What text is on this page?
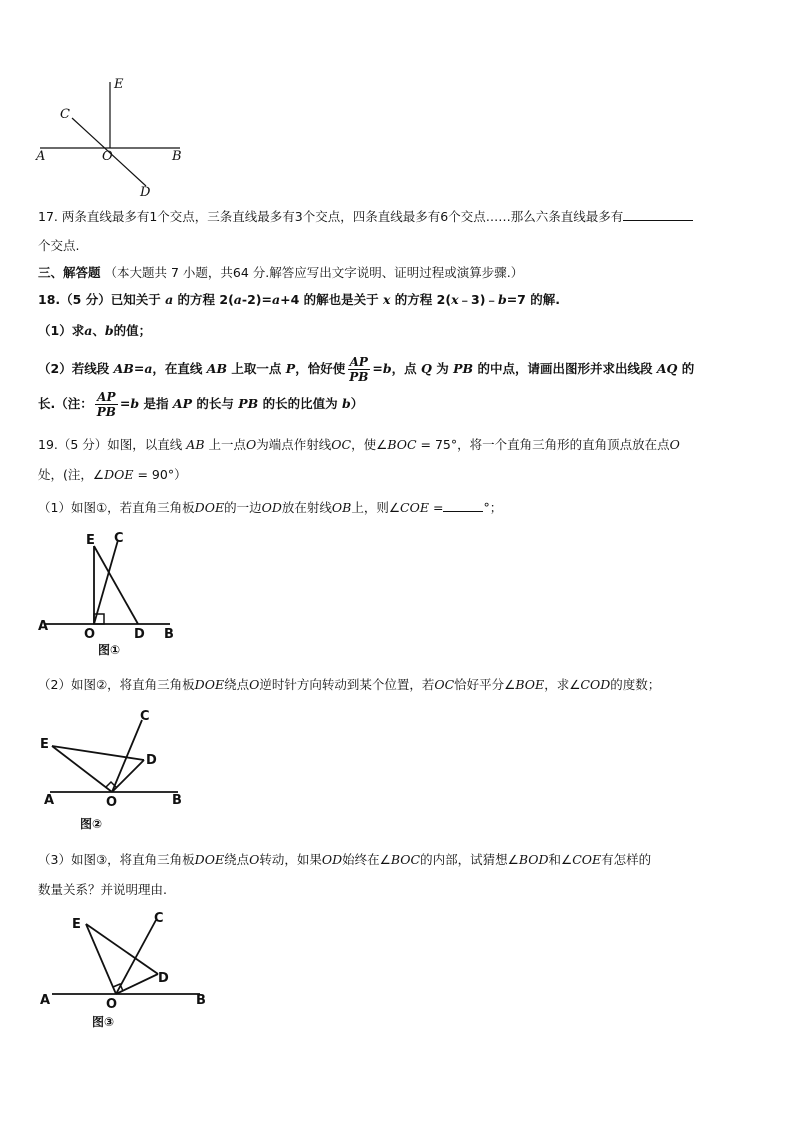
E
C
A	O	B
D
17. 两条直线最多有1个交点，三条直线最多有3个交点，四条直线最多有6个交点……那么六条直线最多有
个交点.
三、解答题 （本大题共 7 小题，共64 分.解答应写出文字说明、证明过程或演算步骤.）
18.（5 分）已知关于 a 的方程 2(a-2)=a+4 的解也是关于 x 的方程 2(x﹣3)﹣b=7 的解.
（1）求a、b的值；
（2）若线段 AB=a，在直线 AB 上取一点 P，恰好使 $\frac{AP}{PB} =b$，点 Q 为 PB 的中点，请画出图形并求出线段 AQ 的
长.（注： $\frac{AP}{PB} =b$ 是指 AP 的长与 PB 的长的比值为 b）
19.（5 分）如图，以直线 AB 上一点O为端点作射线OC，使∠BOC = 75°，将一个直角三角形的直角顶点放在点O
处，(注，∠DOE = 90°）
（1）如图①，若直角三角板DOE的一边OD放在射线OB上，则∠COE =	°；
E C
A
O	D B
图①
（2）如图②，将直角三角板DOE绕点O逆时针方向转动到某个位置，若OC恰好平分∠BOE，求∠COD的度数；
C
E
D
A	O	B
图②
（3）如图③，将直角三角板DOE绕点O转动，如果OD始终在∠BOC的内部，试猜想∠BOD和∠COE有怎样的
数量关系？并说明理由.
E	C
D
A	O	B
图③
